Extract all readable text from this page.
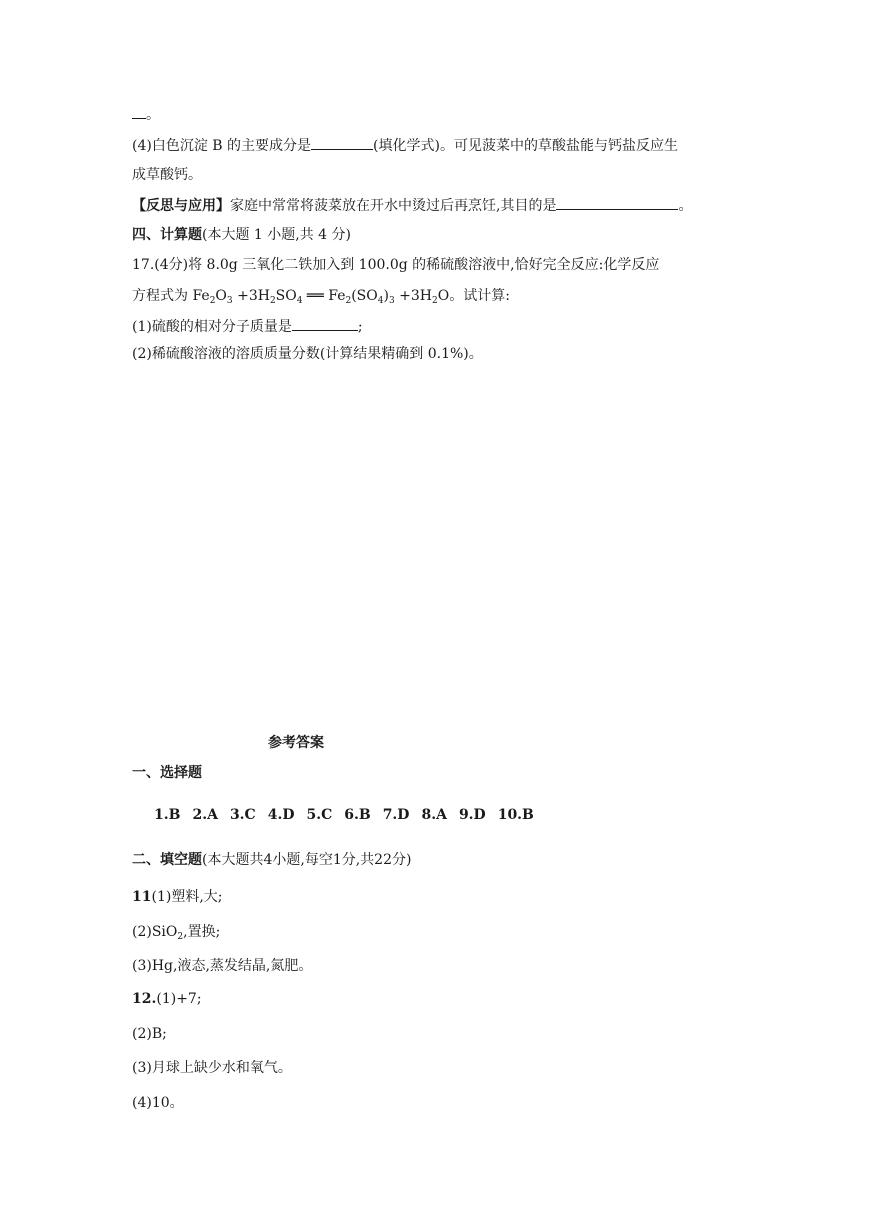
。
(4)白色沉淀 B 的主要成分是	(填化学式)。可见菠菜中的草酸盐能与钙盐反应生
成草酸钙。
【反思与应用】家庭中常常将菠菜放在开水中烫过后再烹饪,其目的是	。
四、计算题(本大题 1 小题,共 4 分)
17.(4分)将 8.0g 三氧化二铁加入到 100.0g 的稀硫酸溶液中,恰好完全反应:化学反应
方程式为 $Fe_2O_3 +3H_2SO_4$ ══ $Fe_2(SO_4)_3 +3H_2O$。试计算:
(1)硫酸的相对分子质量是	;
(2)稀硫酸溶液的溶质质量分数(计算结果精确到 0.1%)。
参考答案
一、选择题
1.B 2.A 3.C 4.D 5.C 6.B 7.D 8.A 9.D 10.B
二、填空题(本大题共4小题,每空1分,共22分)
11(1)塑料,大;
(2)SiO$_2$,置换;
(3)Hg,液态,蒸发结晶,氮肥。
12.(1)+7;
(2)B;
(3)月球上缺少水和氧气。
(4)10。
